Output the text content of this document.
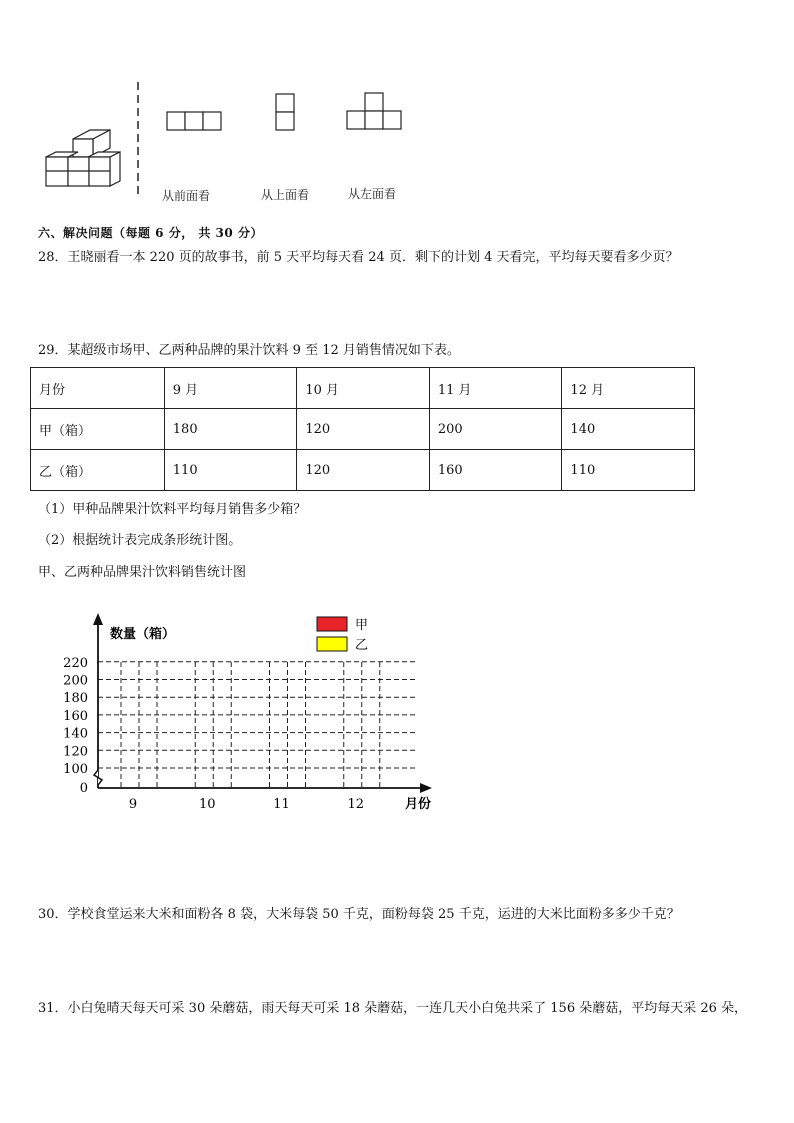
从前面看	从上面看	从左面看
六、解决问题（每题 6 分， 共 30 分）
28．王晓丽看一本 220 页的故事书，前 5 天平均每天看 24 页．剩下的计划 4 天看完，平均每天要看多少页？
29．某超级市场甲、乙两种品牌的果汁饮料 9 至 12 月销售情况如下表。
月份	9 月	10 月	11 月	12 月
甲（箱）	180	120	200	140
乙（箱）	110	120	160	110
（1）甲种品牌果汁饮料平均每月销售多少箱？
（2）根据统计表完成条形统计图。
甲、乙两种品牌果汁饮料销售统计图
0
100
120
140
160
180
200
220
9	10	11	12
数量（箱）
月份
甲
乙
30．学校食堂运来大米和面粉各 8 袋，大米每袋 50 千克，面粉每袋 25 千克，运进的大米比面粉多多少千克？
31．小白兔晴天每天可采 30 朵蘑菇，雨天每天可采 18 朵蘑菇，一连几天小白兔共采了 156 朵蘑菇，平均每天采 26 朵，
